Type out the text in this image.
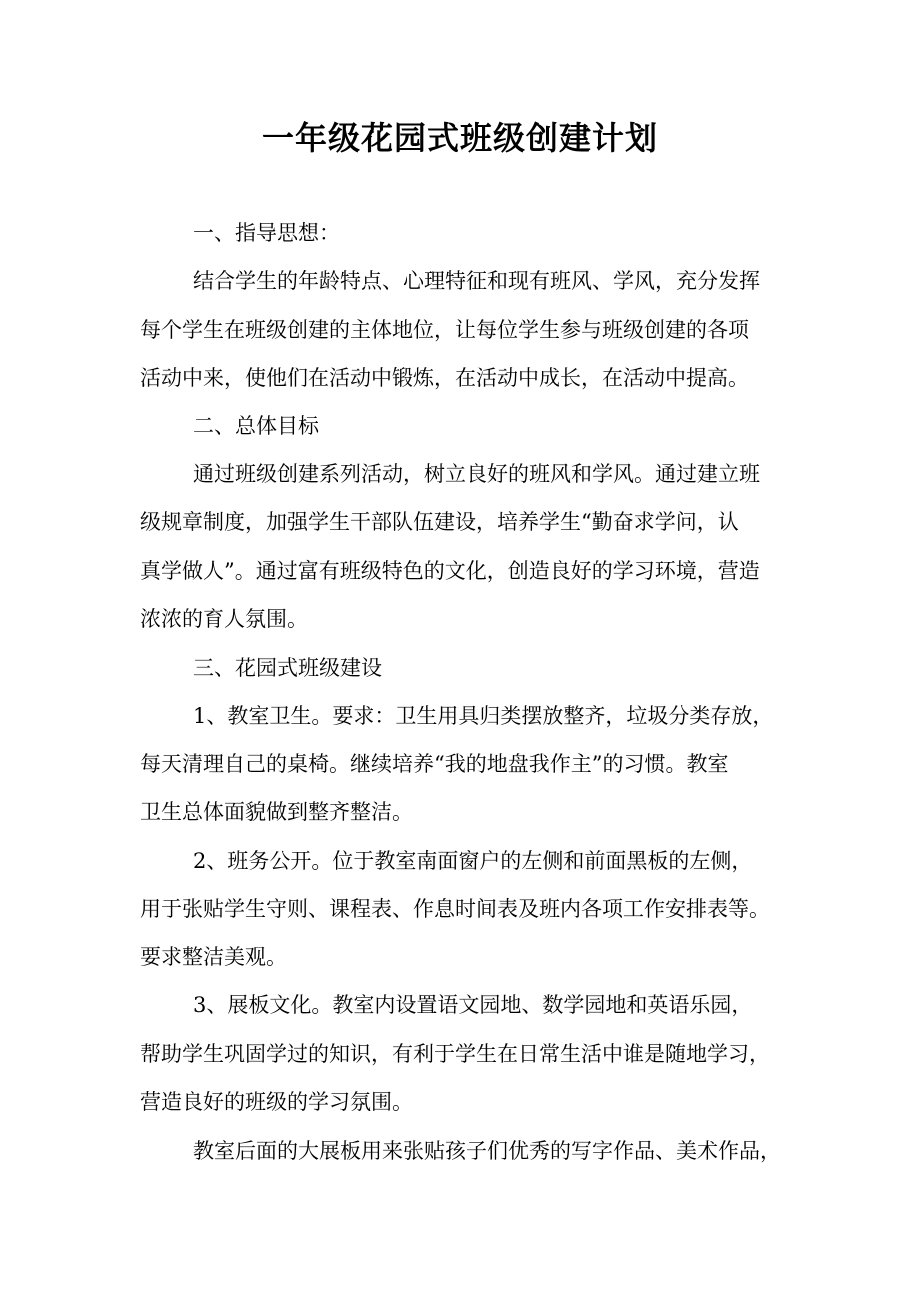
一年级花园式班级创建计划

一、指导思想：

结合学生的年龄特点、心理特征和现有班风、学风，充分发挥

每个学生在班级创建的主体地位，让每位学生参与班级创建的各项

活动中来，使他们在活动中锻炼，在活动中成长，在活动中提高。

二、总体目标

通过班级创建系列活动，树立良好的班风和学风。通过建立班

级规章制度，加强学生干部队伍建设，培养学生“勤奋求学问，认

真学做人”。通过富有班级特色的文化，创造良好的学习环境，营造

浓浓的育人氛围。

三、花园式班级建设

1、教室卫生。要求：卫生用具归类摆放整齐，垃圾分类存放，

每天清理自己的桌椅。继续培养“我的地盘我作主”的习惯。教室

卫生总体面貌做到整齐整洁。

2、班务公开。位于教室南面窗户的左侧和前面黑板的左侧，

用于张贴学生守则、课程表、作息时间表及班内各项工作安排表等。

要求整洁美观。

3、展板文化。教室内设置语文园地、数学园地和英语乐园，

帮助学生巩固学过的知识，有利于学生在日常生活中谁是随地学习，

营造良好的班级的学习氛围。

教室后面的大展板用来张贴孩子们优秀的写字作品、美术作品，
